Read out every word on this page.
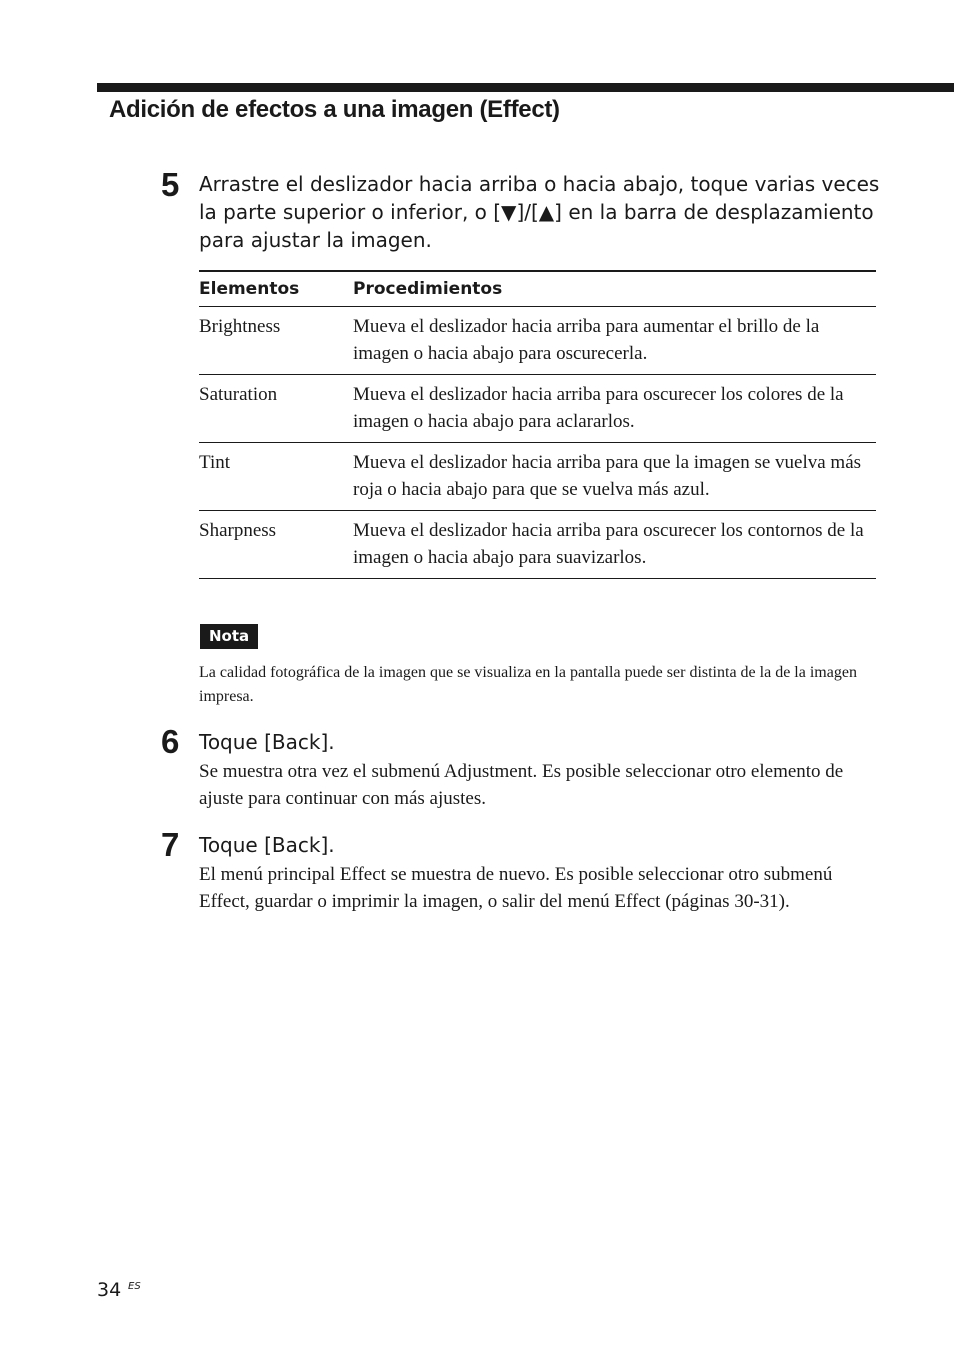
Adición de efectos a una imagen (Effect)
5 Arrastre el deslizador hacia arriba o hacia abajo, toque varias veces la parte superior o inferior, o [▼]/[▲] en la barra de desplazamiento para ajustar la imagen.

Elementos	Procedimientos
Brightness	Mueva el deslizador hacia arriba para aumentar el brillo de la imagen o hacia abajo para oscurecerla.
Saturation	Mueva el deslizador hacia arriba para oscurecer los colores de la imagen o hacia abajo para aclararlos.
Tint	Mueva el deslizador hacia arriba para que la imagen se vuelva más roja o hacia abajo para que se vuelva más azul.
Sharpness	Mueva el deslizador hacia arriba para oscurecer los contornos de la imagen o hacia abajo para suavizarlos.
Nota

La calidad fotográfica de la imagen que se visualiza en la pantalla puede ser distinta de la de la imagen impresa.

6 Toque [Back].

Se muestra otra vez el submenú Adjustment. Es posible seleccionar otro elemento de ajuste para continuar con más ajustes.

7 Toque [Back].

El menú principal Effect se muestra de nuevo. Es posible seleccionar otro submenú Effect, guardar o imprimir la imagen, o salir del menú Effect (páginas 30-31).

34 ES
